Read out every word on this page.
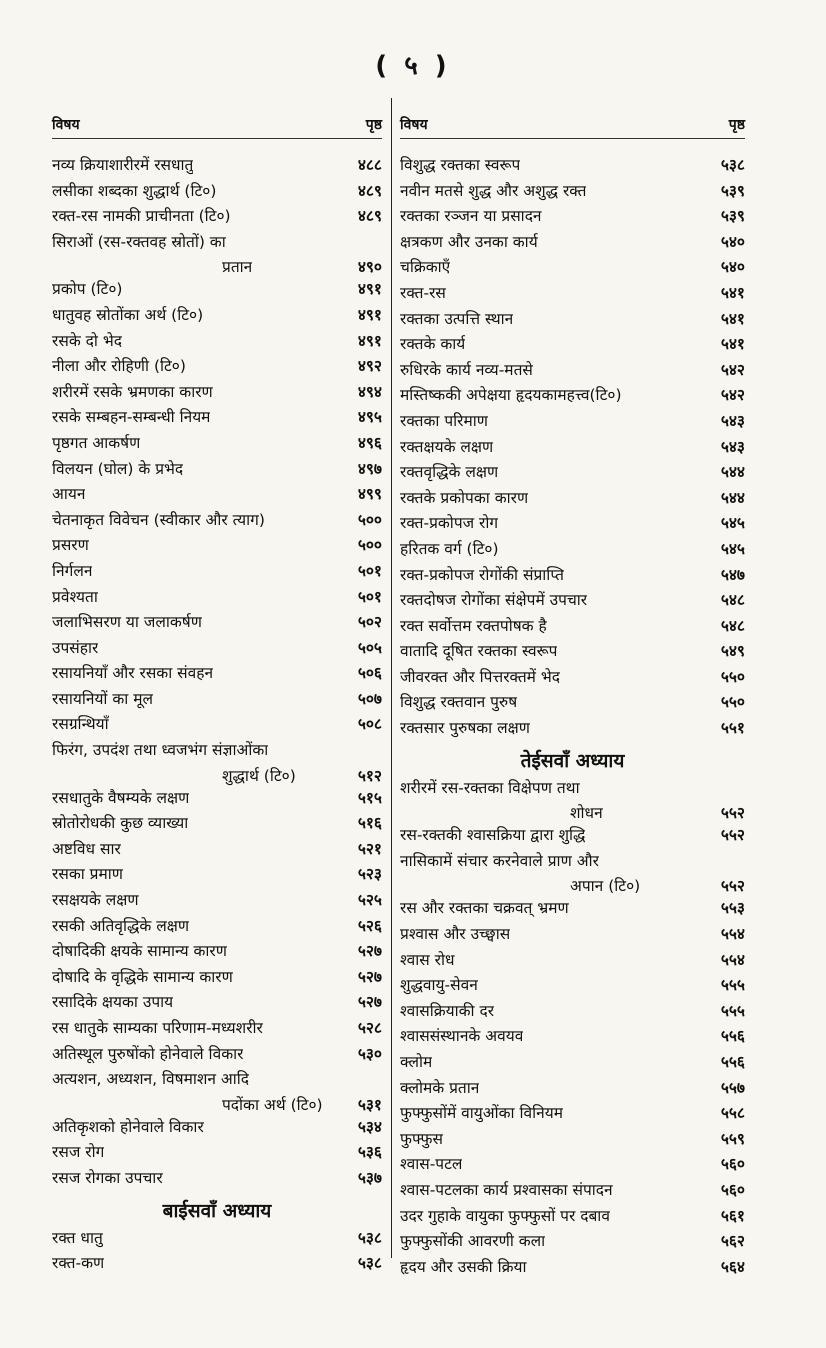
( ५ )
विषय	पृष्ठ
नव्य क्रियाशारीरमें रसधातु	४८८
लसीका शब्दका शुद्धार्थ (टि०)	४८९
रक्त-रस नामकी प्राचीनता (टि०)	४८९
सिराओं (रस-रक्तवह स्रोतों) का
प्रतान	४९०
प्रकोप (टि०)	४९१
धातुवह स्रोतोंका अर्थ (टि०)	४९१
रसके दो भेद	४९१
नीला और रोहिणी (टि०)	४९२
शरीरमें रसके भ्रमणका कारण	४९४
रसके सम्बहन-सम्बन्धी नियम	४९५
पृष्ठगत आकर्षण	४९६
विलयन (घोल) के प्रभेद	४९७
आयन	४९९
चेतनाकृत विवेचन (स्वीकार और त्याग)	५००
प्रसरण	५००
निर्गलन	५०१
प्रवेश्यता	५०१
जलाभिसरण या जलाकर्षण	५०२
उपसंहार	५०५
रसायनियाँ और रसका संवहन	५०६
रसायनियों का मूल	५०७
रसग्रन्थियाँ	५०८
फिरंग, उपदंश तथा ध्वजभंग संज्ञाओंका
शुद्धार्थ (टि०)	५१२
रसधातुके वैषम्यके लक्षण	५१५
स्रोतोरोधकी कुछ व्याख्या	५१६
अष्टविध सार	५२१
रसका प्रमाण	५२३
रसक्षयके लक्षण	५२५
रसकी अतिवृद्धिके लक्षण	५२६
दोषादिकी क्षयके सामान्य कारण	५२७
दोषादि के वृद्धिके सामान्य कारण	५२७
रसादिके क्षयका उपाय	५२७
रस धातुके साम्यका परिणाम-मध्यशरीर	५२८
अतिस्थूल पुरुषोंको होनेवाले विकार	५३०
अत्यशन, अध्यशन, विषमाशन आदि
पदोंका अर्थ (टि०)	५३१
अतिकृशको होनेवाले विकार	५३४
रसज रोग	५३६
रसज रोगका उपचार	५३७
बाईसवाँ अध्याय
रक्त धातु	५३८
रक्त-कण	५३८
विषय	पृष्ठ
विशुद्ध रक्तका स्वरूप	५३८
नवीन मतसे शुद्ध और अशुद्ध रक्त	५३९
रक्तका रञ्जन या प्रसादन	५३९
क्षत्रकण और उनका कार्य	५४०
चक्रिकाएँ	५४०
रक्त-रस	५४१
रक्तका उत्पत्ति स्थान	५४१
रक्तके कार्य	५४१
रुधिरके कार्य नव्य-मतसे	५४२
मस्तिष्ककी अपेक्षया हृदयकामहत्त्व(टि०)	५४२
रक्तका परिमाण	५४३
रक्तक्षयके लक्षण	५४३
रक्तवृद्धिके लक्षण	५४४
रक्तके प्रकोपका कारण	५४४
रक्त-प्रकोपज रोग	५४५
हरितक वर्ग (टि०)	५४५
रक्त-प्रकोपज रोगोंकी संप्राप्ति	५४७
रक्तदोषज रोगोंका संक्षेपमें उपचार	५४८
रक्त सर्वोत्तम रक्तपोषक है	५४८
वातादि दूषित रक्तका स्वरूप	५४९
जीवरक्त और पित्तरक्तमें भेद	५५०
विशुद्ध रक्तवान पुरुष	५५०
रक्तसार पुरुषका लक्षण	५५१
तेईसवाँ अध्याय
शरीरमें रस-रक्तका विक्षेपण तथा
शोधन	५५२
रस-रक्तकी श्वासक्रिया द्वारा शुद्धि	५५२
नासिकामें संचार करनेवाले प्राण और
अपान (टि०)	५५२
रस और रक्तका चक्रवत् भ्रमण	५५३
प्रश्वास और उच्छ्वास	५५४
श्वास रोध	५५४
शुद्धवायु-सेवन	५५५
श्वासक्रियाकी दर	५५५
श्वाससंस्थानके अवयव	५५६
क्लोम	५५६
क्लोमके प्रतान	५५७
फुफ्फुसोंमें वायुओंका विनियम	५५८
फुफ्फुस	५५९
श्वास-पटल	५६०
श्वास-पटलका कार्य प्रश्वासका संपादन	५६०
उदर गुहाके वायुका फुफ्फुसों पर दबाव	५६१
फुफ्फुसोंकी आवरणी कला	५६२
हृदय और उसकी क्रिया	५६४
